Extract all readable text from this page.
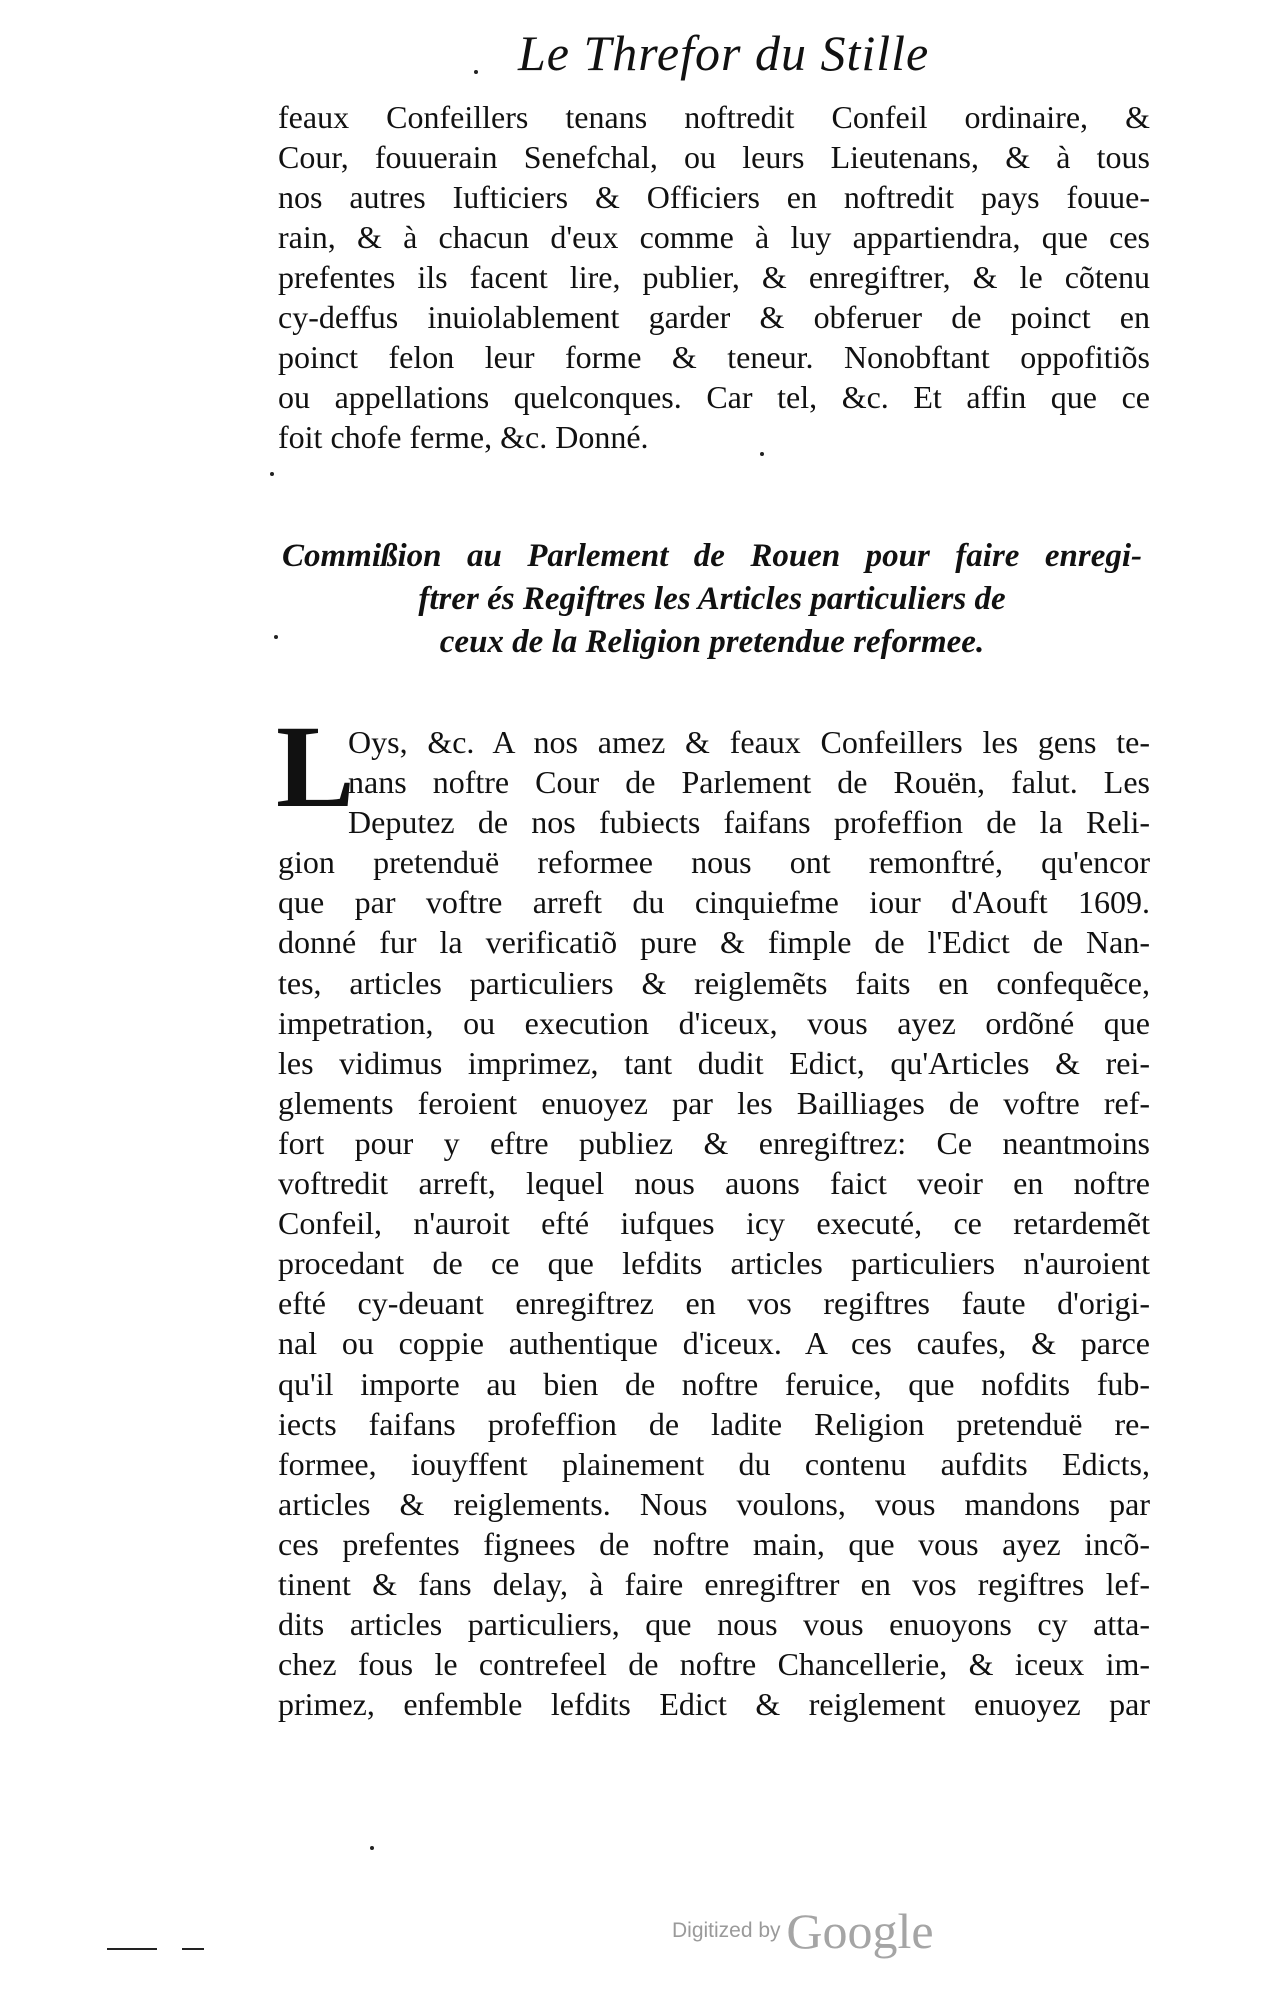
Le Threfor du Stille
feaux Confeillers tenans noftredit Confeil ordinaire, &
Cour, fouuerain Senefchal, ou leurs Lieutenans, & à tous
nos autres Iufticiers & Officiers en noftredit pays fouue-
rain, & à chacun d'eux comme à luy appartiendra, que ces
prefentes ils facent lire, publier, & enregiftrer, & le cõtenu
cy-deffus inuiolablement garder & obferuer de poinct en
poinct felon leur forme & teneur. Nonobftant oppofitiõs
ou appellations quelconques. Car tel, &c. Et affin que ce
foit chofe ferme, &c. Donné.
Commißion au Parlement de Rouen pour faire enregi-
ftrer és Regiftres les Articles particuliers de
ceux de la Religion pretendue reformee.
L
Oys, &c. A nos amez & feaux Confeillers les gens te-
nans noftre Cour de Parlement de Rouën, falut. Les
Deputez de nos fubiects faifans profeffion de la Reli-
gion pretenduë reformee nous ont remonftré, qu'encor
que par voftre arreft du cinquiefme iour d'Aouft 1609.
donné fur la verificatiõ pure & fimple de l'Edict de Nan-
tes, articles particuliers & reiglemẽts faits en confequẽce,
impetration, ou execution d'iceux, vous ayez ordõné que
les vidimus imprimez, tant dudit Edict, qu'Articles & rei-
glements feroient enuoyez par les Bailliages de voftre ref-
fort pour y eftre publiez & enregiftrez: Ce neantmoins
voftredit arreft, lequel nous auons faict veoir en noftre
Confeil, n'auroit efté iufques icy executé, ce retardemẽt
procedant de ce que lefdits articles particuliers n'auroient
efté cy-deuant enregiftrez en vos regiftres faute d'origi-
nal ou coppie authentique d'iceux. A ces caufes, & parce
qu'il importe au bien de noftre feruice, que nofdits fub-
iects faifans profeffion de ladite Religion pretenduë re-
formee, iouyffent plainement du contenu aufdits Edicts,
articles & reiglements. Nous voulons, vous mandons par
ces prefentes fignees de noftre main, que vous ayez incõ-
tinent & fans delay, à faire enregiftrer en vos regiftres lef-
dits articles particuliers, que nous vous enuoyons cy atta-
chez fous le contrefeel de noftre Chancellerie, & iceux im-
primez, enfemble lefdits Edict & reiglement enuoyez par
Digitized by Google
